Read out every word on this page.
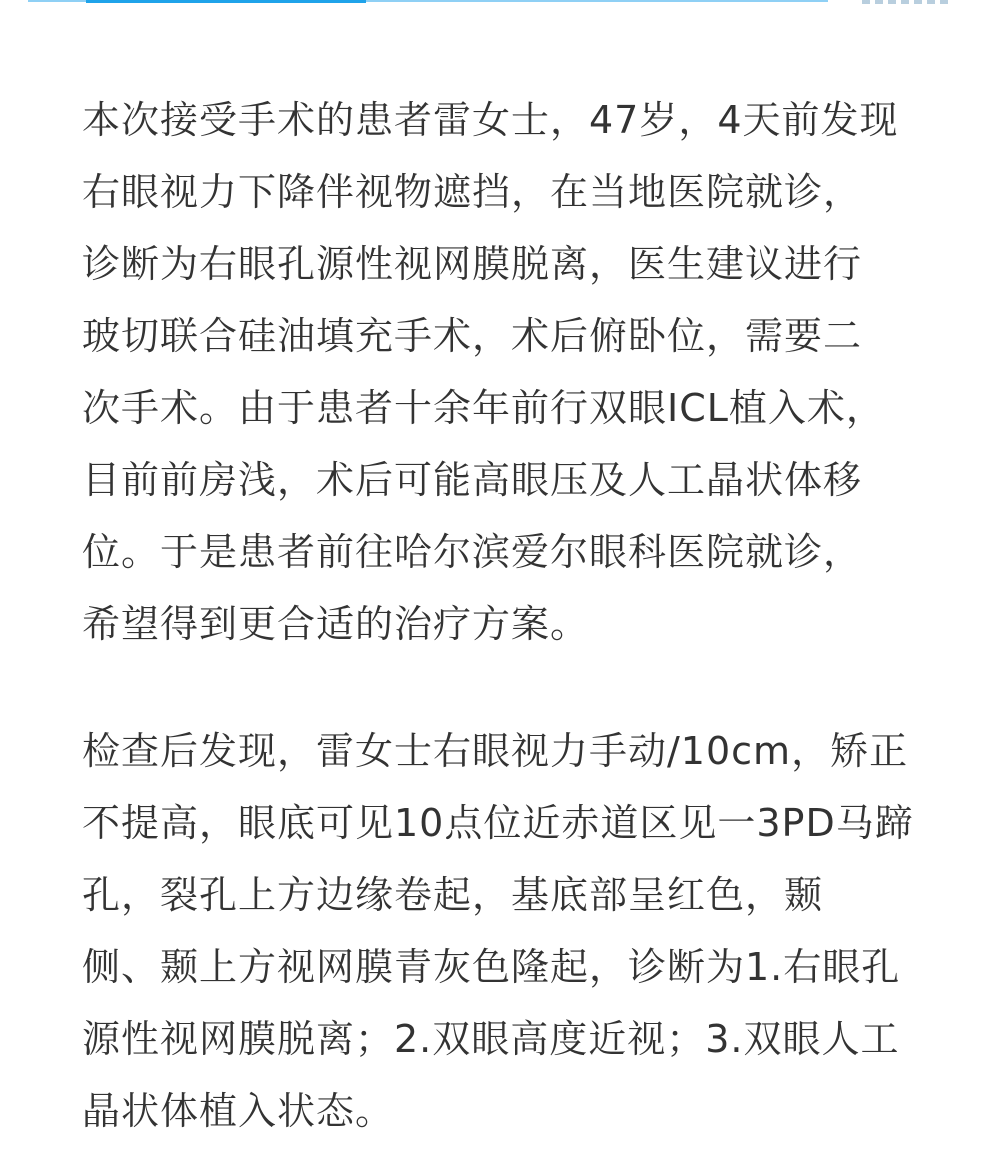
本次接受手术的患者雷女士，47岁，4天前发现
右眼视力下降伴视物遮挡，在当地医院就诊，
诊断为右眼孔源性视网膜脱离，医生建议进行
玻切联合硅油填充手术，术后俯卧位，需要二
次手术。由于患者十余年前行双眼ICL植入术，
目前前房浅，术后可能高眼压及人工晶状体移
位。于是患者前往哈尔滨爱尔眼科医院就诊，
希望得到更合适的治疗方案。

检查后发现，雷女士右眼视力手动/10cm，矫正
不提高，眼底可见10点位近赤道区见一3PD马蹄
孔，裂孔上方边缘卷起，基底部呈红色，颞
侧、颞上方视网膜青灰色隆起，诊断为1.右眼孔
源性视网膜脱离；2.双眼高度近视；3.双眼人工
晶状体植入状态。
